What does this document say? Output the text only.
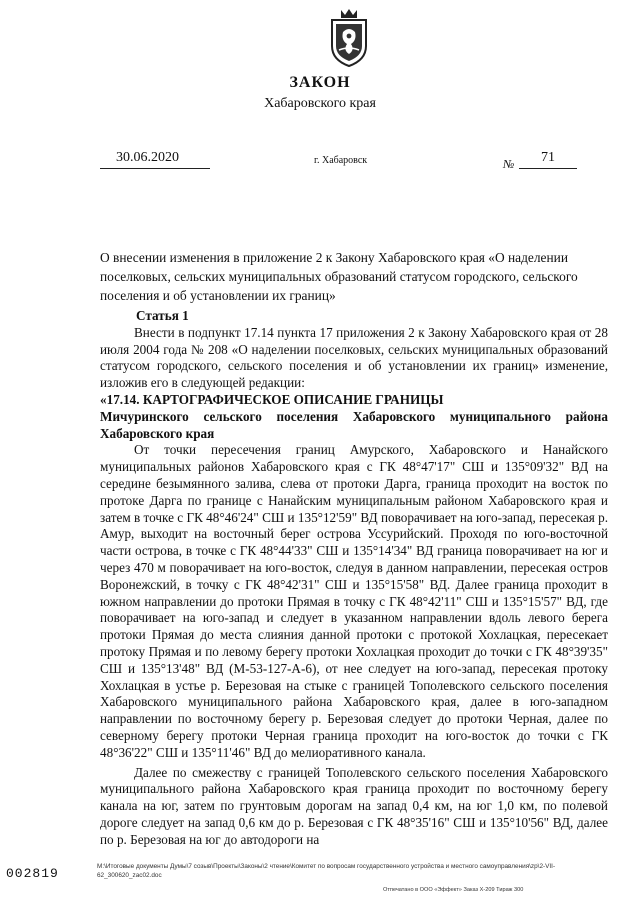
ЗАКОН
Хабаровского края
30.06.2020	г. Хабаровск	№ 71
О внесении изменения в приложение 2 к Закону Хабаровского края «О наделении поселковых, сельских муниципальных образований статусом городского, сельского поселения и об установлении их границ»

Статья 1

Внести в подпункт 17.14 пункта 17 приложения 2 к Закону Хабаровского края от 28 июля 2004 года № 208 «О наделении поселковых, сельских муниципальных образований статусом городского, сельского поселения и об установлении их границ» изменение, изложив его в следующей редакции:

«17.14. КАРТОГРАФИЧЕСКОЕ ОПИСАНИЕ ГРАНИЦЫ

Мичуринского сельского поселения Хабаровского муниципального района Хабаровского края

От точки пересечения границ Амурского, Хабаровского и Нанайского муниципальных районов Хабаровского края с ГК 48°47'17" СШ и 135°09'32" ВД на середине безымянного залива, слева от протоки Дарга, граница проходит на восток по протоке Дарга по границе с Нанайским муниципальным районом Хабаровского края и затем в точке с ГК 48°46'24" СШ и 135°12'59" ВД поворачивает на юго-запад, пересекая р. Амур, выходит на восточный берег острова Уссурийский. Проходя по юго-восточной части острова, в точке с ГК 48°44'33" СШ и 135°14'34" ВД граница поворачивает на юг и через 470 м поворачивает на юго-восток, следуя в данном направлении, пересекая остров Воронежский, в точку с ГК 48°42'31" СШ и 135°15'58" ВД. Далее граница проходит в южном направлении до протоки Прямая в точку с ГК 48°42'11" СШ и 135°15'57" ВД, где поворачивает на юго-запад и следует в указанном направлении вдоль левого берега протоки Прямая до места слияния данной протоки с протокой Хохлацкая, пересекает протоку Прямая и по левому берегу протоки Хохлацкая проходит до точки с ГК 48°39'35" СШ и 135°13'48" ВД (M-53-127-A-6), от нее следует на юго-запад, пересекая протоку Хохлацкая в устье р. Березовая на стыке с границей Тополевского сельского поселения Хабаровского муниципального района Хабаровского края, далее в юго-западном направлении по восточному берегу р. Березовая следует до протоки Черная, далее по северному берегу протоки Черная граница проходит на юго-восток до точки с ГК 48°36'22" СШ и 135°11'46" ВД до мелиоративного канала.

Далее по смежеству с границей Тополевского сельского поселения Хабаровского муниципального района Хабаровского края граница проходит по восточному берегу канала на юг, затем по грунтовым дорогам на запад 0,4 км, на юг 1,0 км, по полевой дороге следует на запад 0,6 км до р. Березовая с ГК 48°35'16" СШ и 135°10'56" ВД, далее по р. Березовая на юг до автодороги на

002819	M:\Итоговые документы Думы\7 созыв\Проекты\Законы\2 чтение\Комитет по вопросам государственного устройства и местного самоуправления\zp\2-VII-62_300620_zac02.doc
Отпечатано в ООО «Эффект» Заказ Х-209 Тираж 300
